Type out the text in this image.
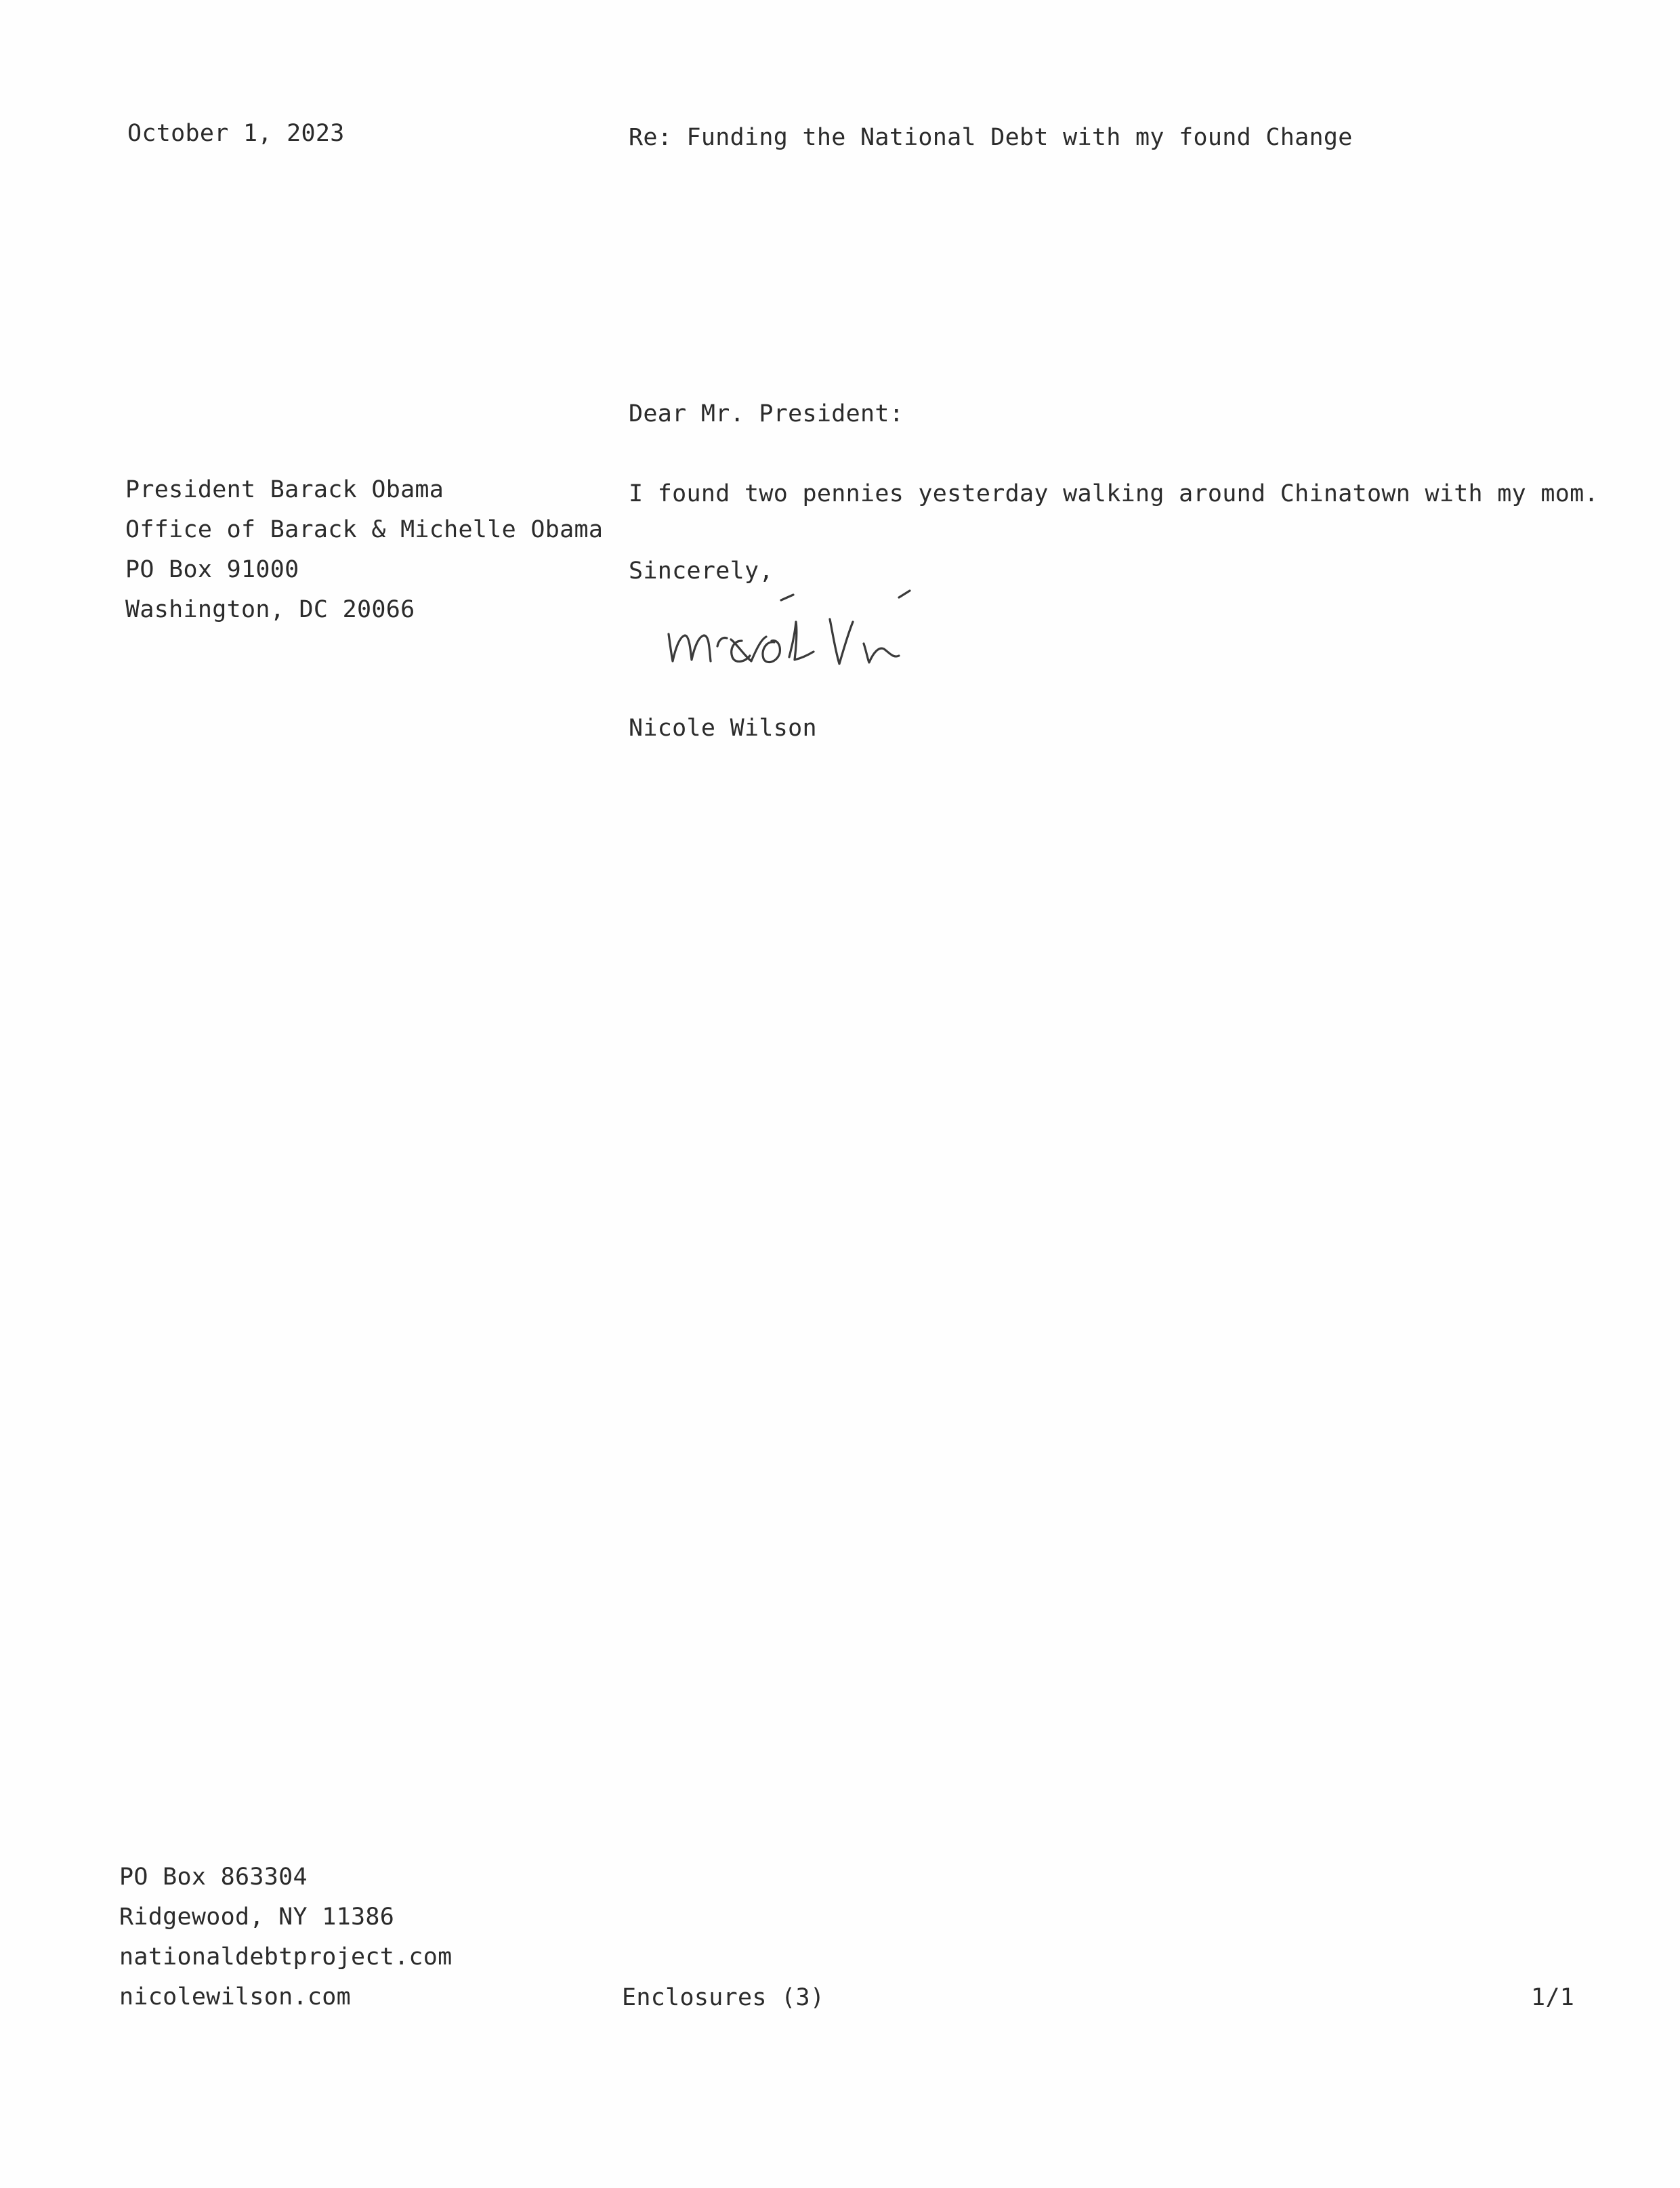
October 1, 2023	Re: Funding the National Debt with my found Change
Dear Mr. President:
President Barack Obama
Office of Barack & Michelle Obama
PO Box 91000
Washington, DC 20066
I found two pennies yesterday walking around Chinatown with my mom.
Sincerely,
Nicole Wilson
PO Box 863304
Ridgewood, NY 11386
nationaldebtproject.com
nicolewilson.com	Enclosures (3)	1/1
